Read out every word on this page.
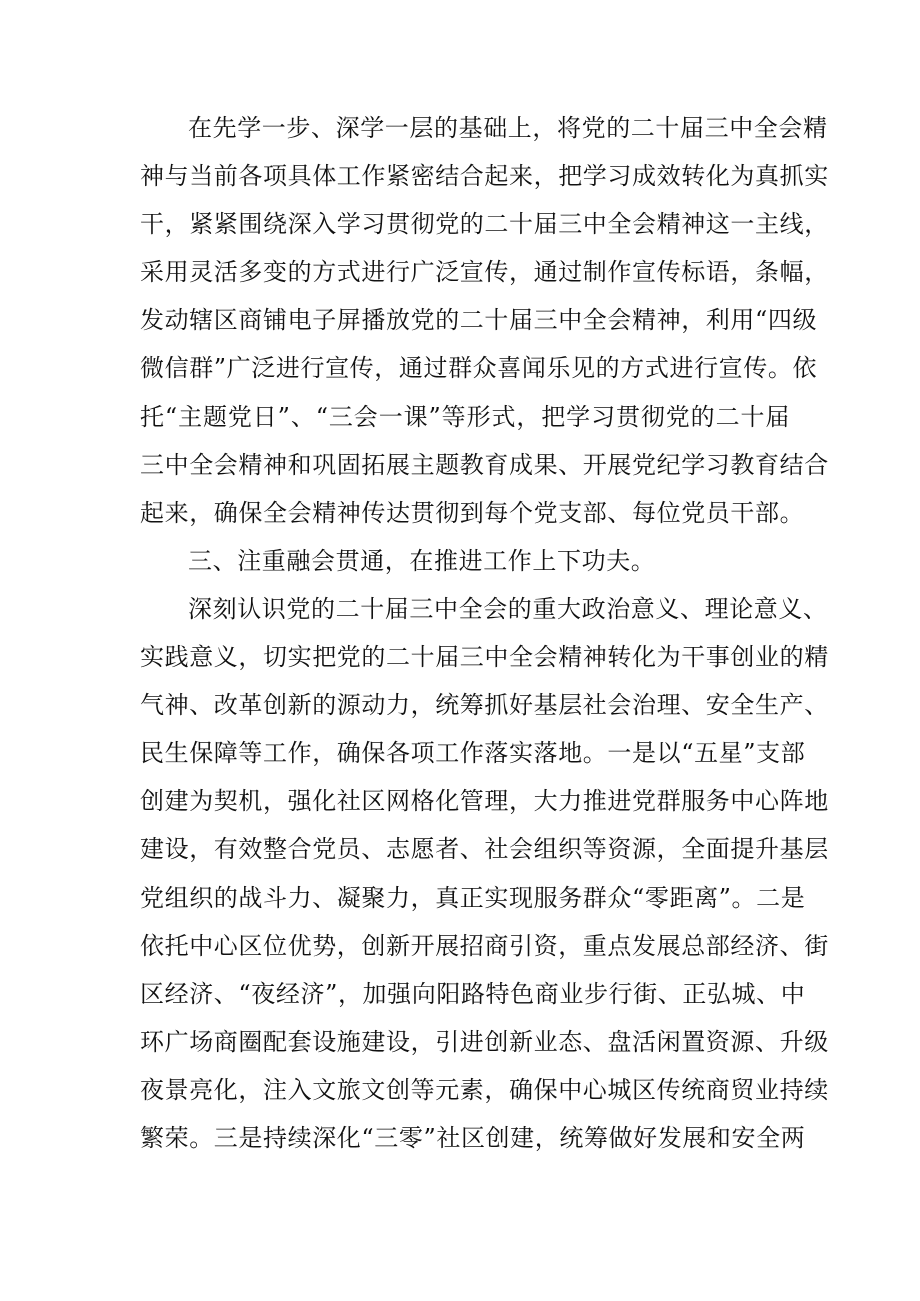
在先学一步、深学一层的基础上，将党的二十届三中全会精
神与当前各项具体工作紧密结合起来，把学习成效转化为真抓实
干，紧紧围绕深入学习贯彻党的二十届三中全会精神这一主线，
采用灵活多变的方式进行广泛宣传，通过制作宣传标语，条幅，
发动辖区商铺电子屏播放党的二十届三中全会精神，利用“四级
微信群”广泛进行宣传，通过群众喜闻乐见的方式进行宣传。依
托“主题党日”、“三会一课”等形式，把学习贯彻党的二十届
三中全会精神和巩固拓展主题教育成果、开展党纪学习教育结合
起来，确保全会精神传达贯彻到每个党支部、每位党员干部。
三、注重融会贯通，在推进工作上下功夫。
深刻认识党的二十届三中全会的重大政治意义、理论意义、
实践意义，切实把党的二十届三中全会精神转化为干事创业的精
气神、改革创新的源动力，统筹抓好基层社会治理、安全生产、
民生保障等工作，确保各项工作落实落地。一是以“五星”支部
创建为契机，强化社区网格化管理，大力推进党群服务中心阵地
建设，有效整合党员、志愿者、社会组织等资源，全面提升基层
党组织的战斗力、凝聚力，真正实现服务群众“零距离”。二是
依托中心区位优势，创新开展招商引资，重点发展总部经济、街
区经济、“夜经济”，加强向阳路特色商业步行街、正弘城、中
环广场商圈配套设施建设，引进创新业态、盘活闲置资源、升级
夜景亮化，注入文旅文创等元素，确保中心城区传统商贸业持续
繁荣。三是持续深化“三零”社区创建，统筹做好发展和安全两
